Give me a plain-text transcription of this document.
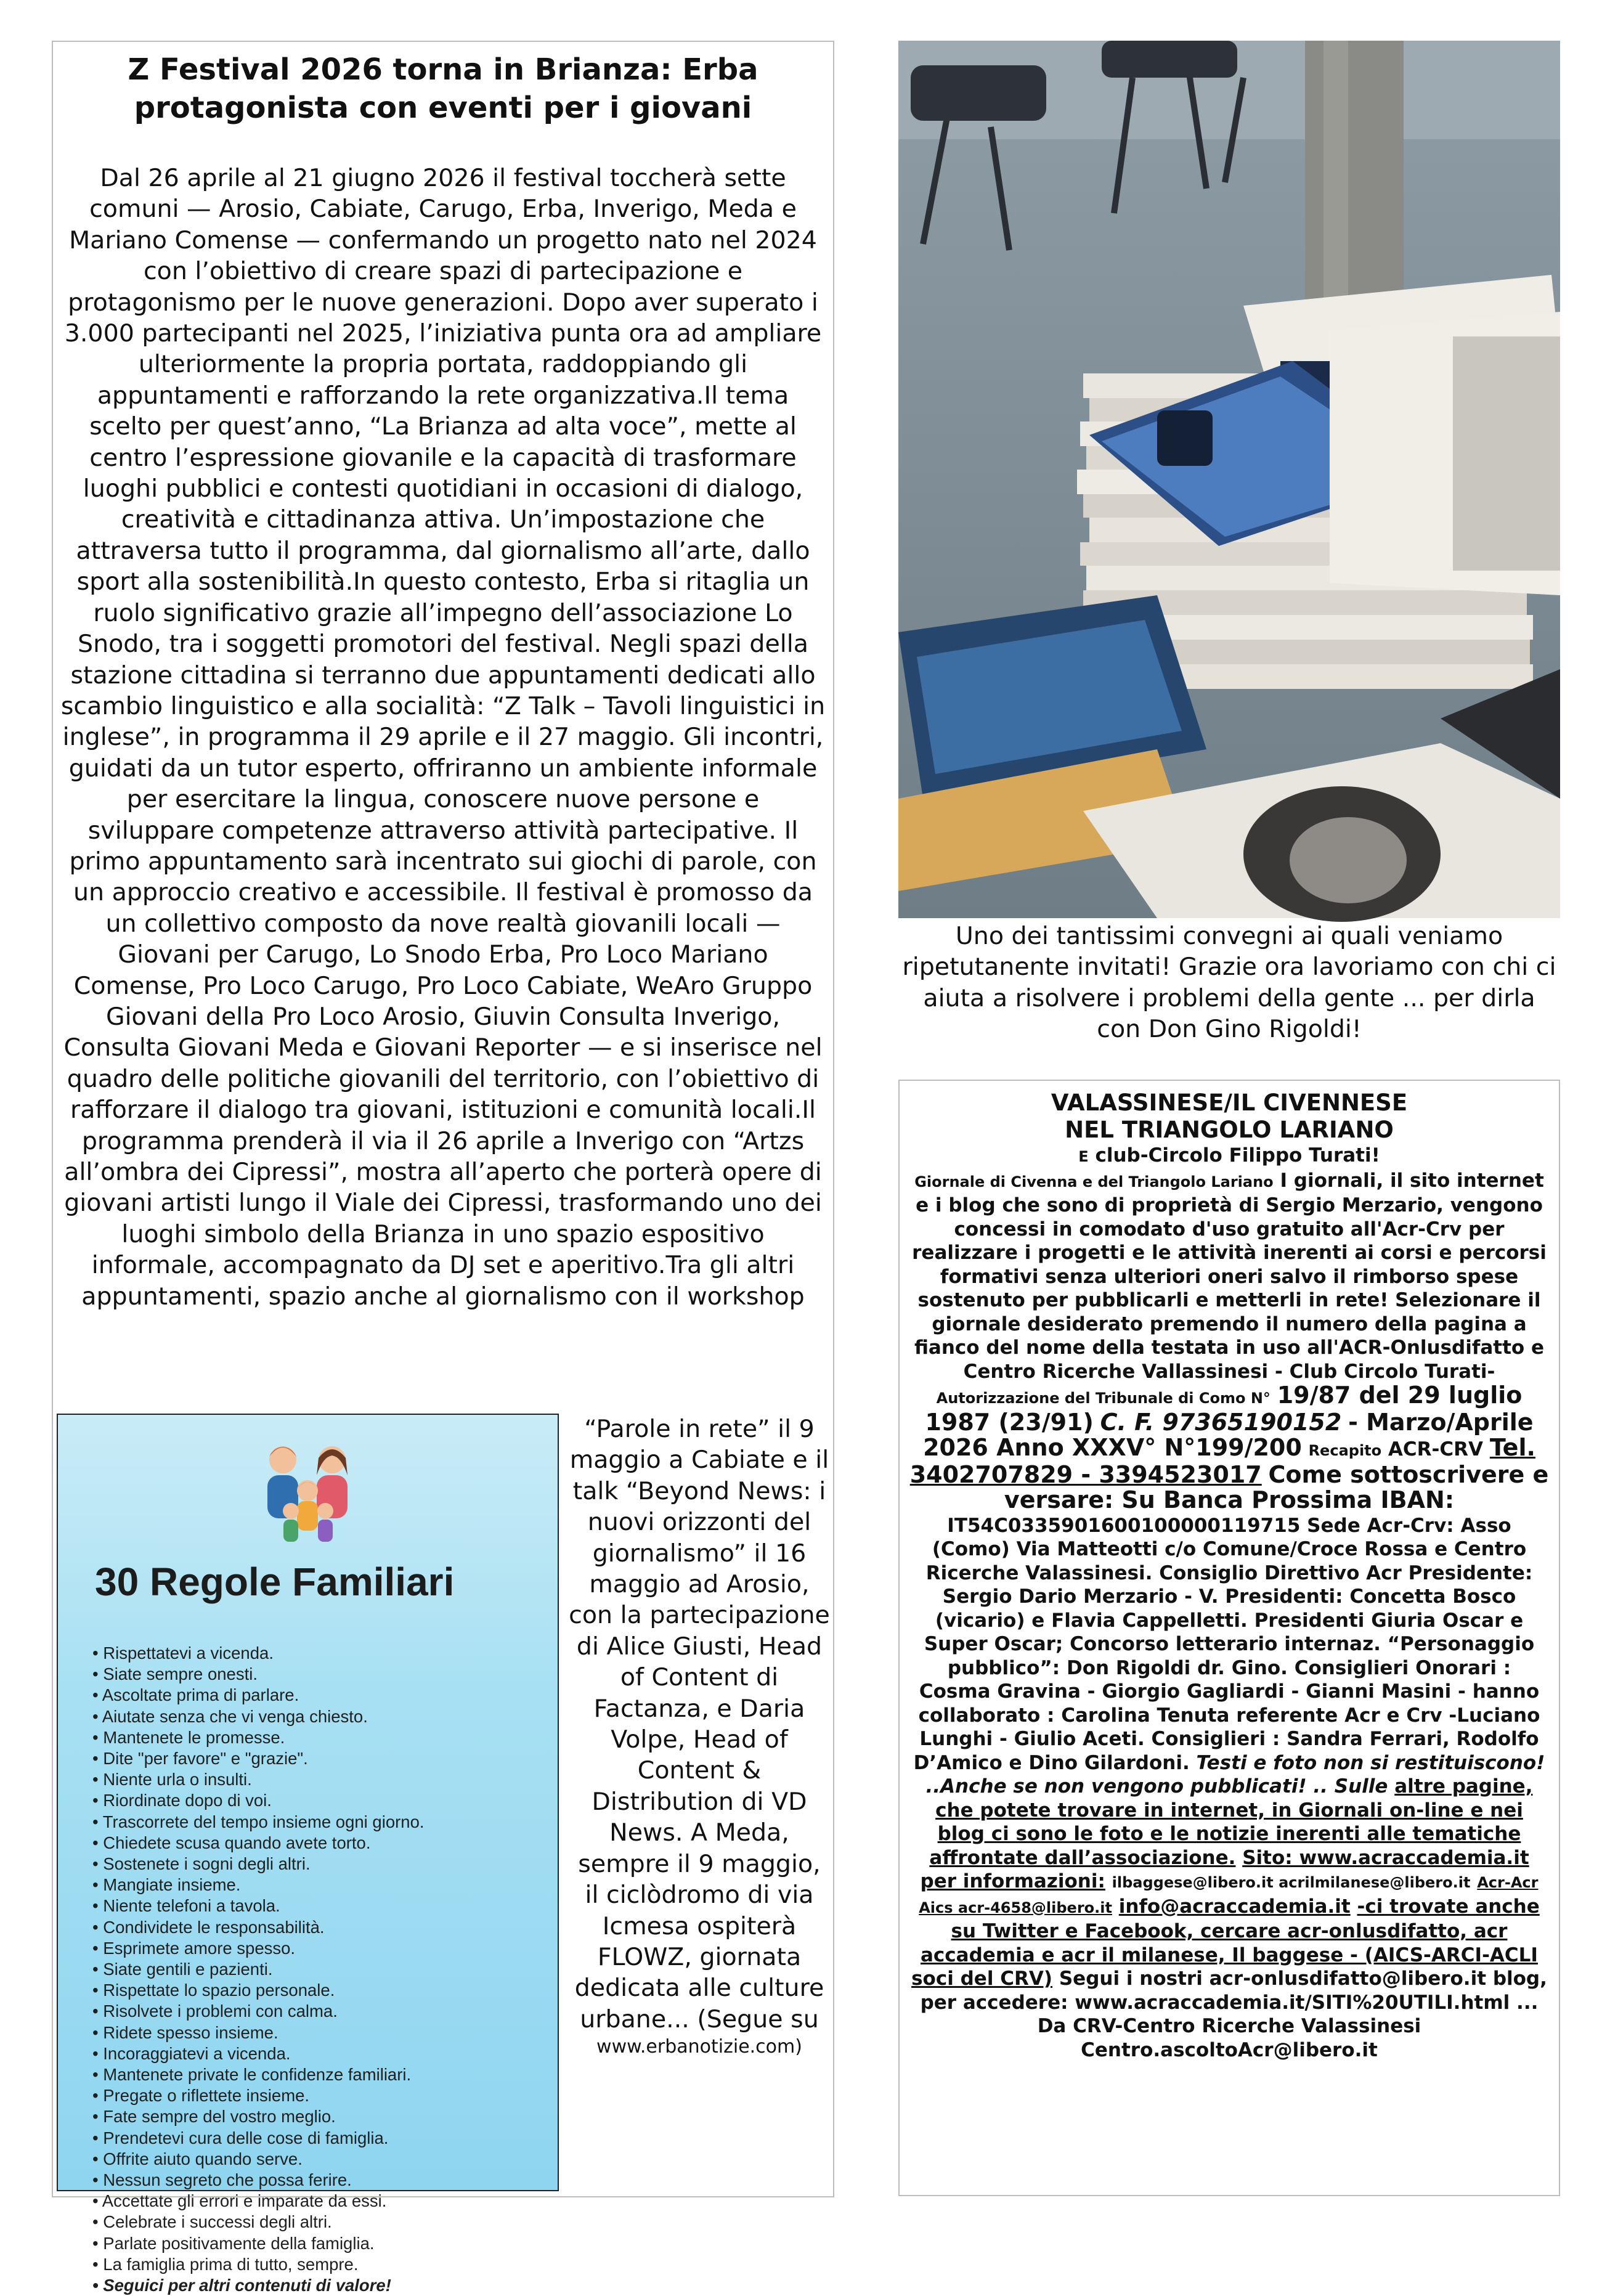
Z Festival 2026 torna in Brianza: Erba protagonista con eventi per i giovani

Dal 26 aprile al 21 giugno 2026 il festival toccherà sette comuni — Arosio, Cabiate, Carugo, Erba, Inverigo, Meda e Mariano Comense — confermando un progetto nato nel 2024 con l’obiettivo di creare spazi di partecipazione e protagonismo per le nuove generazioni. Dopo aver superato i 3.000 partecipanti nel 2025, l’iniziativa punta ora ad ampliare ulteriormente la propria portata, raddoppiando gli appuntamenti e rafforzando la rete organizzativa.Il tema scelto per quest’anno, “La Brianza ad alta voce”, mette al centro l’espressione giovanile e la capacità di trasformare luoghi pubblici e contesti quotidiani in occasioni di dialogo, creatività e cittadinanza attiva. Un’impostazione che attraversa tutto il programma, dal giornalismo all’arte, dallo sport alla sostenibilità.In questo contesto, Erba si ritaglia un ruolo significativo grazie all’impegno dell’associazione Lo Snodo, tra i soggetti promotori del festival. Negli spazi della stazione cittadina si terranno due appuntamenti dedicati allo scambio linguistico e alla socialità: “Z Talk – Tavoli linguistici in inglese”, in programma il 29 aprile e il 27 maggio. Gli incontri, guidati da un tutor esperto, offriranno un ambiente informale per esercitare la lingua, conoscere nuove persone e sviluppare competenze attraverso attività partecipative. Il primo appuntamento sarà incentrato sui giochi di parole, con un approccio creativo e accessibile. Il festival è promosso da un collettivo composto da nove realtà giovanili locali — Giovani per Carugo, Lo Snodo Erba, Pro Loco Mariano Comense, Pro Loco Carugo, Pro Loco Cabiate, WeAro Gruppo Giovani della Pro Loco Arosio, Giuvin Consulta Inverigo, Consulta Giovani Meda e Giovani Reporter — e si inserisce nel quadro delle politiche giovanili del territorio, con l’obiettivo di rafforzare il dialogo tra giovani, istituzioni e comunità locali.Il programma prenderà il via il 26 aprile a Inverigo con “Artzs all’ombra dei Cipressi”, mostra all’aperto che porterà opere di giovani artisti lungo il Viale dei Cipressi, trasformando uno dei luoghi simbolo della Brianza in uno spazio espositivo informale, accompagnato da DJ set e aperitivo.Tra gli altri appuntamenti, spazio anche al giornalismo con il workshop

30 Regole Familiari
• Rispettatevi a vicenda.
• Siate sempre onesti.
• Ascoltate prima di parlare.
• Aiutate senza che vi venga chiesto.
• Mantenete le promesse.
• Dite "per favore" e "grazie".
• Niente urla o insulti.
• Riordinate dopo di voi.
• Trascorrete del tempo insieme ogni giorno.
• Chiedete scusa quando avete torto.
• Sostenete i sogni degli altri.
• Mangiate insieme.
• Niente telefoni a tavola.
• Condividete le responsabilità.
• Esprimete amore spesso.
• Siate gentili e pazienti.
• Rispettate lo spazio personale.
• Risolvete i problemi con calma.
• Ridete spesso insieme.
• Incoraggiatevi a vicenda.
• Mantenete private le confidenze familiari.
• Pregate o riflettete insieme.
• Fate sempre del vostro meglio.
• Prendetevi cura delle cose di famiglia.
• Offrite aiuto quando serve.
• Nessun segreto che possa ferire.
• Accettate gli errori e imparate da essi.
• Celebrate i successi degli altri.
• Parlate positivamente della famiglia.
• La famiglia prima di tutto, sempre.
• Seguici per altri contenuti di valore!
“Parole in rete” il 9 maggio a Cabiate e il talk “Beyond News: i nuovi orizzonti del giornalismo” il 16 maggio ad Arosio, con la partecipazione di Alice Giusti, Head of Content di Factanza, e Daria Volpe, Head of Content & Distribution di VD News. A Meda, sempre il 9 maggio, il ciclòdromo di via Icmesa ospiterà FLOWZ, giornata dedicata alle culture urbane... (Segue su
www.erbanotizie.com)

Uno dei tantissimi convegni ai quali veniamo ripetutanente invitati! Grazie ora lavoriamo con chi ci aiuta a risolvere i problemi della gente ... per dirla con Don Gino Rigoldi!

VALASSINESE/IL CIVENNESE

NEL TRIANGOLO LARIANO

E club-Circolo Filippo Turati!

Giornale di Civenna e del Triangolo Lariano I giornali, il sito internet e i blog che sono di proprietà di Sergio Merzario, vengono concessi in comodato d'uso gratuito all'Acr-Crv per realizzare i progetti e le attività inerenti ai corsi e percorsi formativi senza ulteriori oneri salvo il rimborso spese sostenuto per pubblicarli e metterli in rete! Selezionare il giornale desiderato premendo il numero della pagina a fianco del nome della testata in uso all'ACR-Onlusdifatto e Centro Ricerche Vallassinesi - Club Circolo Turati- Autorizzazione del Tribunale di Como N° 19/87 del 29 luglio 1987 (23/91) C. F. 97365190152 - Marzo/Aprile 2026 Anno XXXV° N°199/200 Recapito ACR-CRV Tel. 3402707829 - 3394523017 Come sottoscrivere e versare: Su Banca Prossima IBAN: IT54C0335901600100000119715 Sede Acr-Crv: Asso (Como) Via Matteotti c/o Comune/Croce Rossa e Centro Ricerche Valassinesi. Consiglio Direttivo Acr Presidente: Sergio Dario Merzario - V. Presidenti: Concetta Bosco (vicario) e Flavia Cappelletti. Presidenti Giuria Oscar e Super Oscar; Concorso letterario internaz. “Personaggio pubblico”: Don Rigoldi dr. Gino. Consiglieri Onorari : Cosma Gravina - Giorgio Gagliardi - Gianni Masini - hanno collaborato : Carolina Tenuta referente Acr e Crv -Luciano Lunghi - Giulio Aceti. Consiglieri : Sandra Ferrari, Rodolfo D’Amico e Dino Gilardoni. Testi e foto non si restituiscono! ..Anche se non vengono pubblicati! .. Sulle altre pagine, che potete trovare in internet, in Giornali on-line e nei blog ci sono le foto e le notizie inerenti alle tematiche affrontate dall’associazione. Sito: www.acraccademia.it per informazioni: ilbaggese@libero.it acrilmilanese@libero.it Acr-Acr Aics acr-4658@libero.it info@acraccademia.it -ci trovate anche su Twitter e Facebook, cercare acr-onlusdifatto, acr accademia e acr il milanese, Il baggese - (AICS-ARCI-ACLI soci del CRV) Segui i nostri acr-onlusdifatto@libero.it blog, per accedere: www.acraccademia.it/SITI%20UTILI.html ... Da CRV-Centro Ricerche Valassinesi Centro.ascoltoAcr@libero.it
